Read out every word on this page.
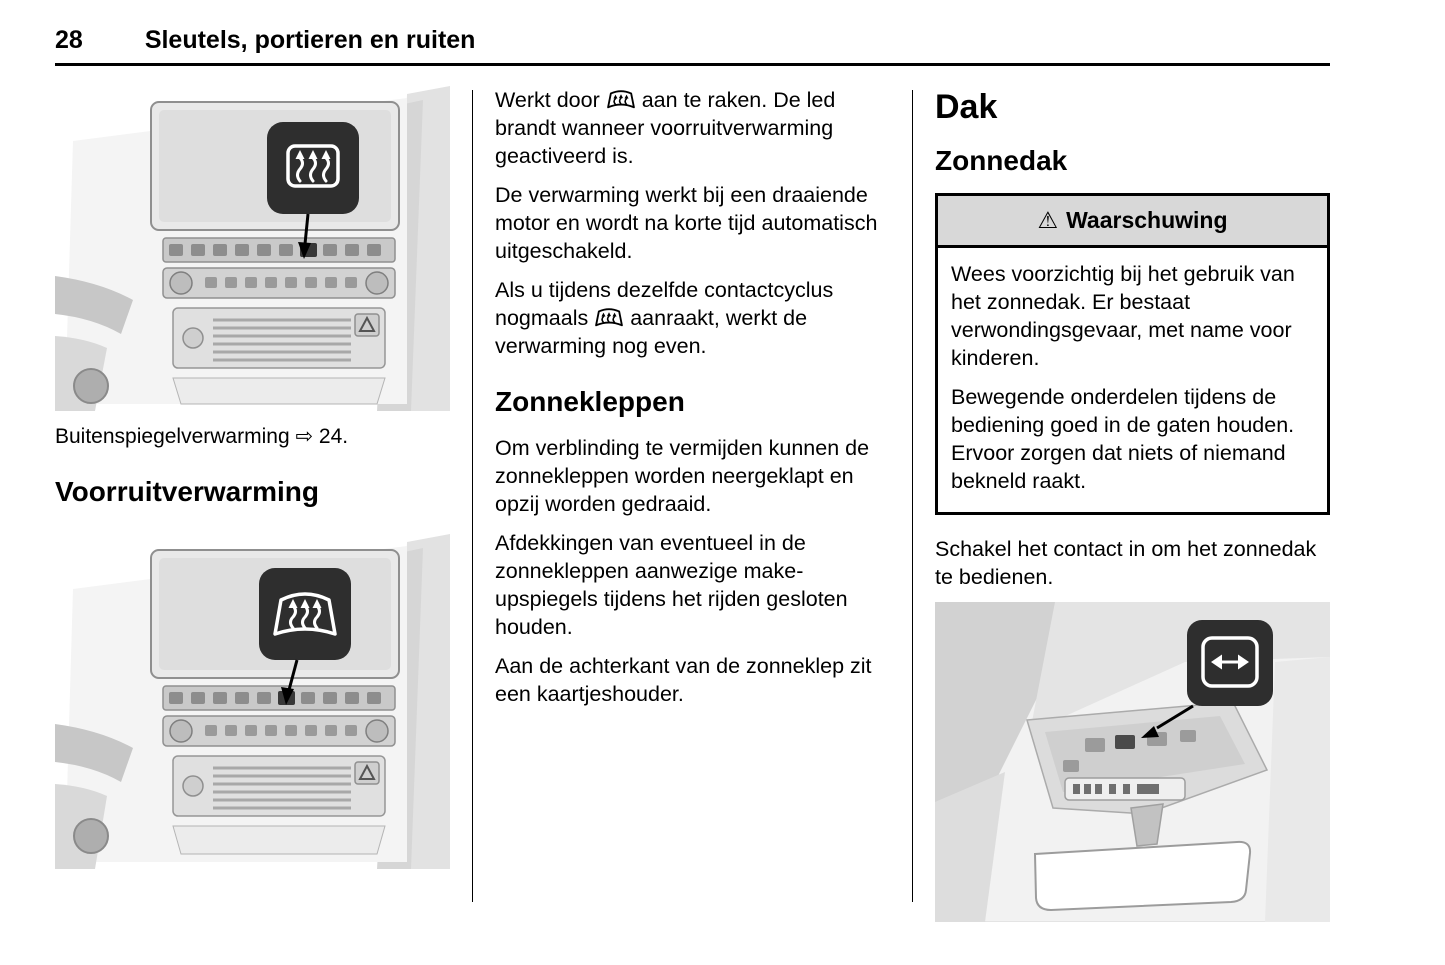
28 Sleutels, portieren en ruiten

Buitenspiegelverwarming ⇨ 24.

Voorruitverwarming

Werkt door aan te raken. De led brandt wanneer voorruitverwarming geactiveerd is.

De verwarming werkt bij een draaiende motor en wordt na korte tijd automatisch uitgeschakeld.

Als u tijdens dezelfde contactcyclus nogmaals aanraakt, werkt de verwarming nog even.

Zonnekleppen

Om verblinding te vermijden kunnen de zonnekleppen worden neergeklapt en opzij worden gedraaid.

Afdekkingen van eventueel in de zonnekleppen aanwezige make-upspiegels tijdens het rijden gesloten houden.

Aan de achterkant van de zonneklep zit een kaartjeshouder.

Dak
Zonnedak
⚠ Waarschuwing

Wees voorzichtig bij het gebruik van het zonnedak. Er bestaat verwondingsgevaar, met name voor kinderen.

Bewegende onderdelen tijdens de bediening goed in de gaten houden. Ervoor zorgen dat niets of niemand bekneld raakt.

Schakel het contact in om het zonnedak te bedienen.
